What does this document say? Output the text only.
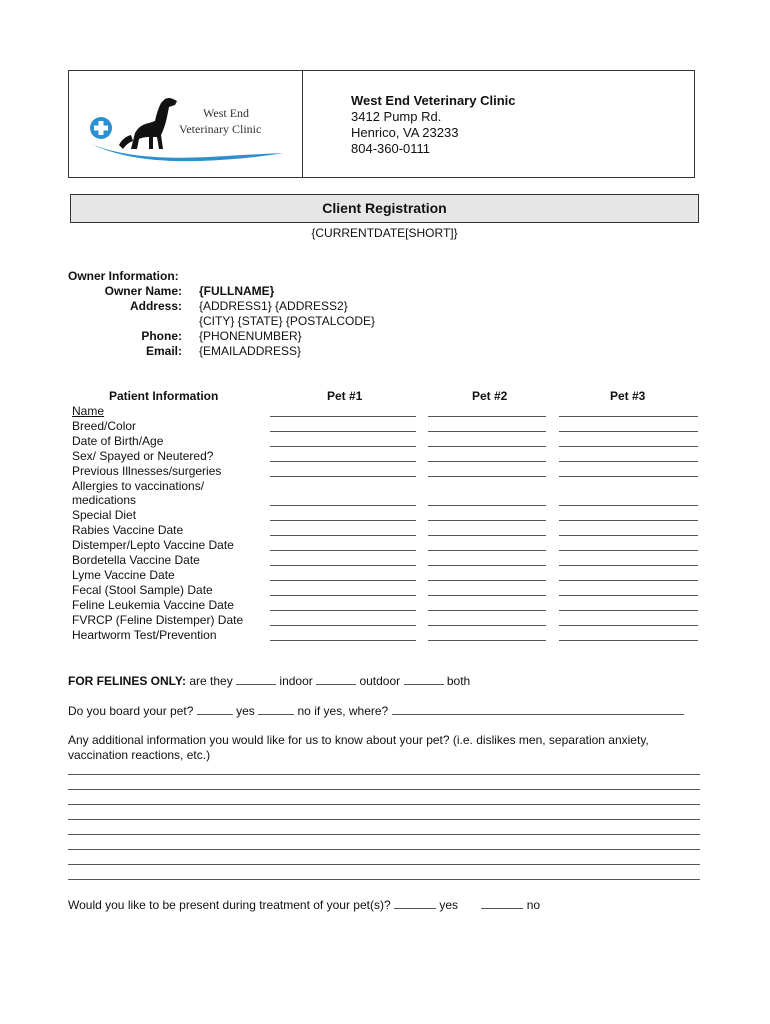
West End
Veterinary Clinic
West End Veterinary Clinic
3412 Pump Rd.
Henrico, VA 23233
804-360-0111
Client Registration
{CURRENTDATE[SHORT]}
Owner Information:
Owner Name: {FULLNAME}
Address: {ADDRESS1} {ADDRESS2}
{CITY} {STATE} {POSTALCODE}
Phone: {PHONENUMBER}
Email: {EMAILADDRESS}
Patient Information	Pet #1	Pet #2	Pet #3
Name
Breed/Color
Date of Birth/Age
Sex/ Spayed or Neutered?
Previous Illnesses/surgeries
Allergies to vaccinations/
medications
Special Diet
Rabies Vaccine Date
Distemper/Lepto Vaccine Date
Bordetella Vaccine Date
Lyme Vaccine Date
Fecal (Stool Sample) Date
Feline Leukemia Vaccine Date
FVRCP (Feline Distemper) Date
Heartworm Test/Prevention
FOR FELINES ONLY: are they	indoor	outdoor	both
Do you board your pet?	yes	no if yes, where?
Any additional information you would like for us to know about your pet? (i.e. dislikes men, separation anxiety,
vaccination reactions, etc.)
Would you like to be present during treatment of your pet(s)?	yes	no
